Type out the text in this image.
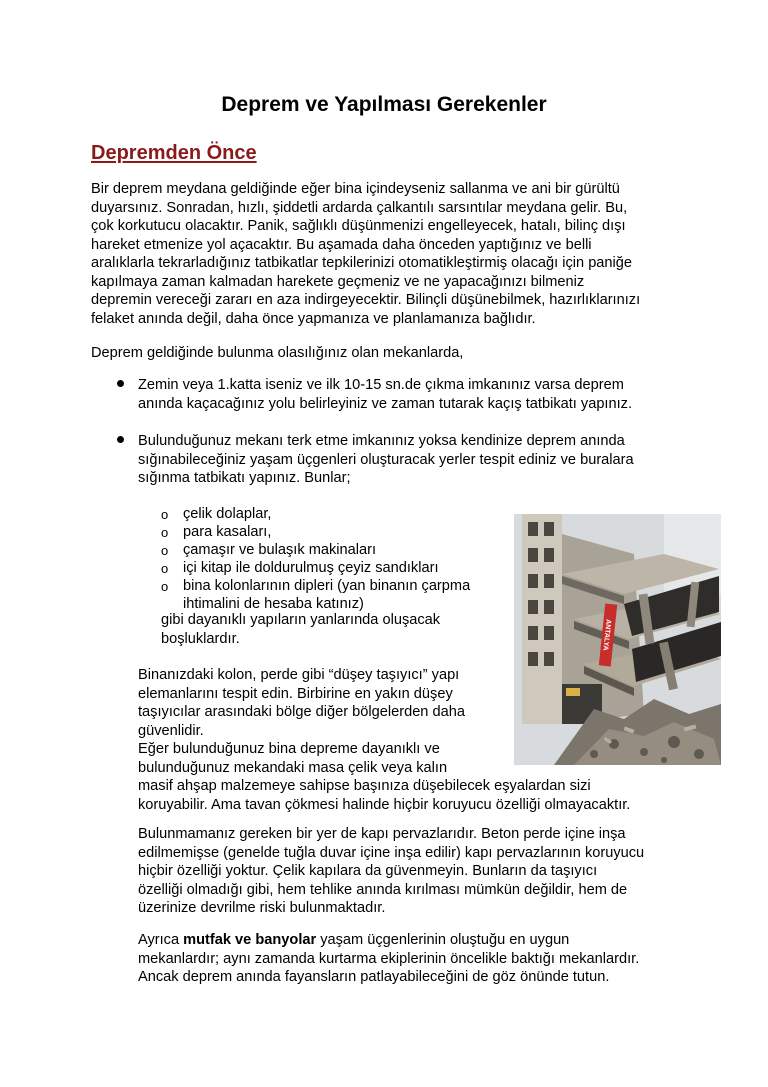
Deprem ve Yapılması Gerekenler
Depremden Önce
Bir deprem meydana geldiğinde eğer bina içindeyseniz sallanma ve ani bir gürültü
duyarsınız. Sonradan, hızlı, şiddetli ardarda çalkantılı sarsıntılar meydana gelir. Bu,
çok korkutucu olacaktır. Panik, sağlıklı düşünmenizi engelleyecek, hatalı, bilinç dışı
hareket etmenize yol açacaktır. Bu aşamada daha önceden yaptığınız ve belli
aralıklarla tekrarladığınız tatbikatlar tepkilerinizi otomatikleştirmiş olacağı için paniğe
kapılmaya zaman kalmadan harekete geçmeniz ve ne yapacağınızı bilmeniz
depremin vereceği zararı en aza indirgeyecektir. Bilinçli düşünebilmek, hazırlıklarınızı
felaket anında değil, daha önce yapmanıza ve planlamanıza bağlıdır.
Deprem geldiğinde bulunma olasılığınız olan mekanlarda,
Zemin veya 1.katta iseniz ve ilk 10-15 sn.de çıkma imkanınız varsa deprem
anında kaçacağınız yolu belirleyiniz ve zaman tutarak kaçış tatbikatı yapınız.
Bulunduğunuz mekanı terk etme imkanınız yoksa kendinize deprem anında
sığınabileceğiniz yaşam üçgenleri oluşturacak yerler tespit ediniz ve buralara
sığınma tatbikatı yapınız. Bunlar;
o çelik dolaplar,
o para kasaları,
o çamaşır ve bulaşık makinaları
o içi kitap ile doldurulmuş çeyiz sandıkları
o bina kolonlarının dipleri (yan binanın çarpma
ihtimalini de hesaba katınız)
gibi dayanıklı yapıların yanlarında oluşacak
boşluklardır.
Binanızdaki kolon, perde gibi “düşey taşıyıcı” yapı
elemanlarını tespit edin. Birbirine en yakın düşey
taşıyıcılar arasındaki bölge diğer bölgelerden daha
güvenlidir.
Eğer bulunduğunuz bina depreme dayanıklı ve
bulunduğunuz mekandaki masa çelik veya kalın
masif ahşap malzemeye sahipse başınıza düşebilecek eşyalardan sizi
koruyabilir. Ama tavan çökmesi halinde hiçbir koruyucu özelliği olmayacaktır.
Bulunmamanız gereken bir yer de kapı pervazlarıdır. Beton perde içine inşa
edilmemişse (genelde tuğla duvar içine inşa edilir) kapı pervazlarının koruyucu
hiçbir özelliği yoktur. Çelik kapılara da güvenmeyin. Bunların da taşıyıcı
özelliği olmadığı gibi, hem tehlike anında kırılması mümkün değildir, hem de
üzerinize devrilme riski bulunmaktadır.
Ayrıca mutfak ve banyolar yaşam üçgenlerinin oluştuğu en uygun
mekanlardır; aynı zamanda kurtarma ekiplerinin öncelikle baktığı mekanlardır.
Ancak deprem anında fayansların patlayabileceğini de göz önünde tutun.
ANTALYA
